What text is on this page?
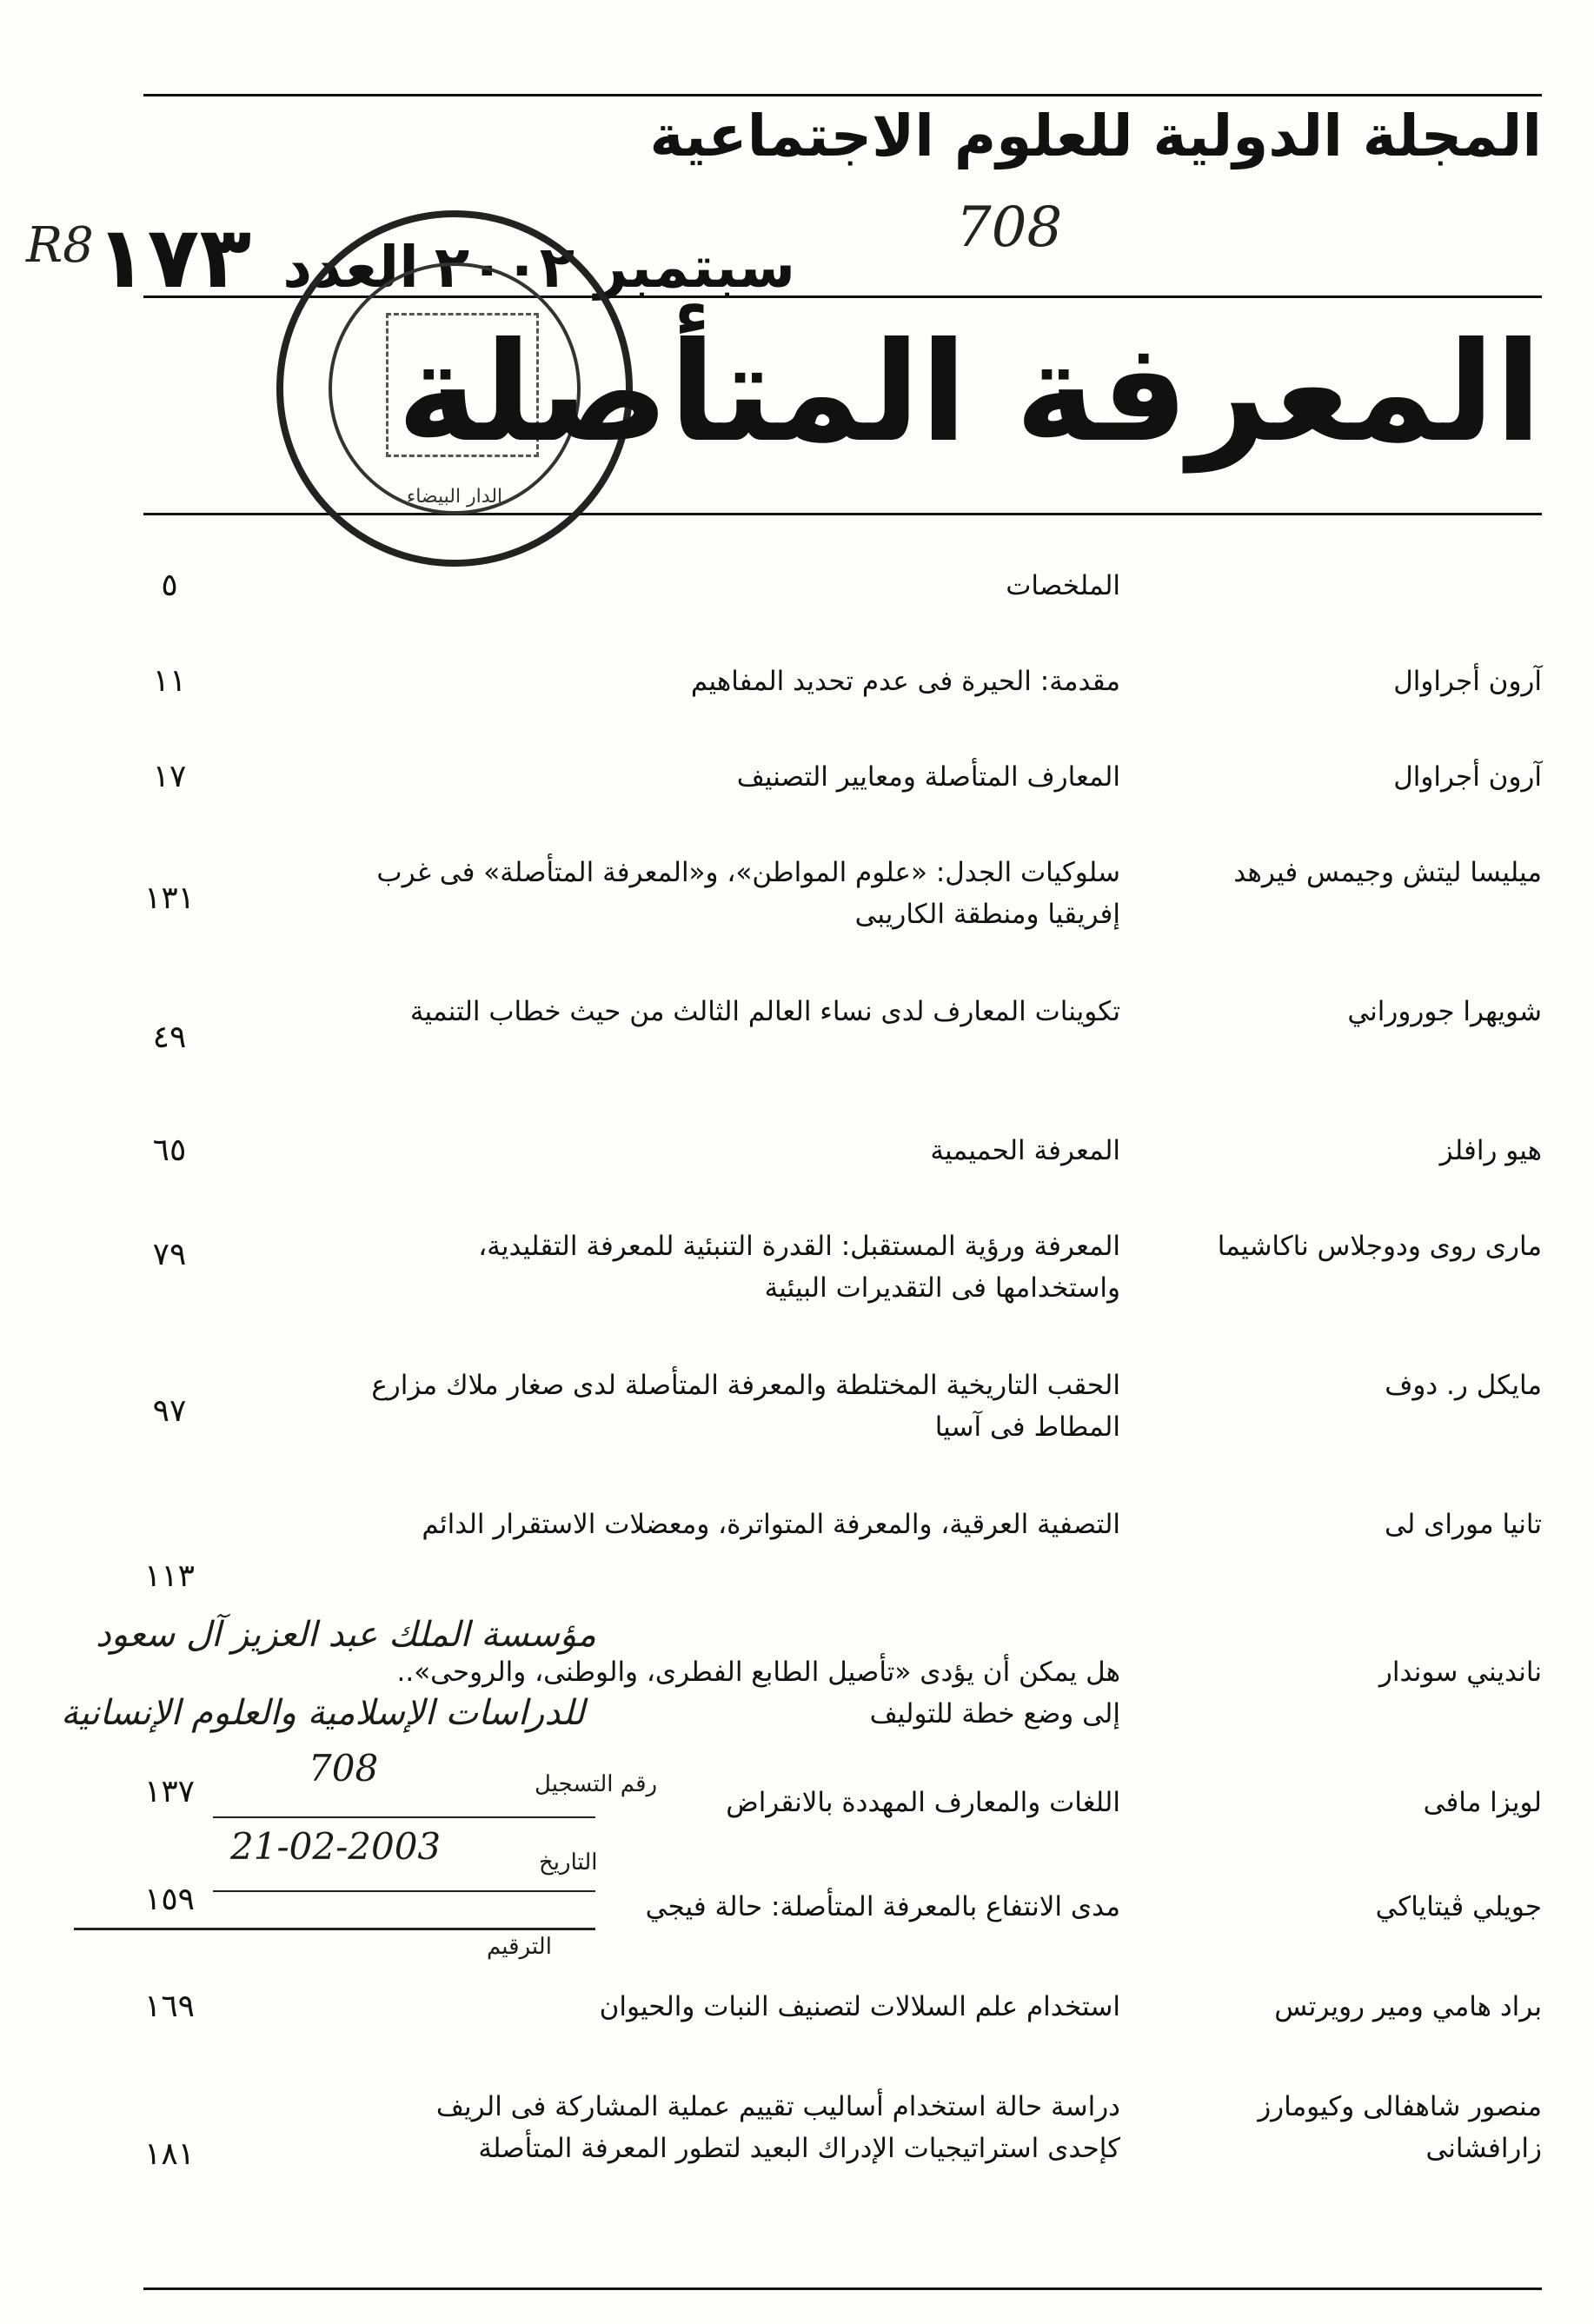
المجلة الدولية للعلوم الاجتماعية
سبتمبر ٢٠٠٢
العدد
١٧٣
R8	708
الدار البيضاء
المعرفة المتأصلة
الملخصات
٥
آرون أجراوال
مقدمة: الحيرة فى عدم تحديد المفاهيم
١١
آرون أجراوال
المعارف المتأصلة ومعايير التصنيف
١٧
ميليسا ليتش وجيمس فيرهد
سلوكيات الجدل: «علوم المواطن»، و«المعرفة المتأصلة» فى غرب إفريقيا ومنطقة الكاريبى
١٣١
شويهرا جوروراني
تكوينات المعارف لدى نساء العالم الثالث من حيث خطاب التنمية
٤٩
هيو رافلز
المعرفة الحميمية
٦٥
مارى روى ودوجلاس ناكاشيما
المعرفة ورؤية المستقبل: القدرة التنبئية للمعرفة التقليدية، واستخدامها فى التقديرات البيئية
٧٩
مايكل ر. دوف
الحقب التاريخية المختلطة والمعرفة المتأصلة لدى صغار ملاك مزارع المطاط فى آسيا
٩٧
تانيا موراى لى
التصفية العرقية، والمعرفة المتواترة، ومعضلات الاستقرار الدائم
١١٣
نانديني سوندار
هل يمكن أن يؤدى «تأصيل الطابع الفطرى، والوطنى، والروحى».. إلى وضع خطة للتوليف
لويزا مافى
اللغات والمعارف المهددة بالانقراض
١٣٧
جويلي ڤيتاياكي
مدى الانتفاع بالمعرفة المتأصلة: حالة فيجي
١٥٩
براد هامي ومير رويرتس
استخدام علم السلالات لتصنيف النبات والحيوان
١٦٩
منصور شاهفالى وكيومارز زارافشانى
دراسة حالة استخدام أساليب تقييم عملية المشاركة فى الريف كإحدى استراتيجيات الإدراك البعيد لتطور المعرفة المتأصلة
١٨١
مؤسسة الملك عبد العزيز آل سعود
للدراسات الإسلامية والعلوم الإنسانية
رقم التسجيل
708
التاريخ
21-02-2003
الترقيم
